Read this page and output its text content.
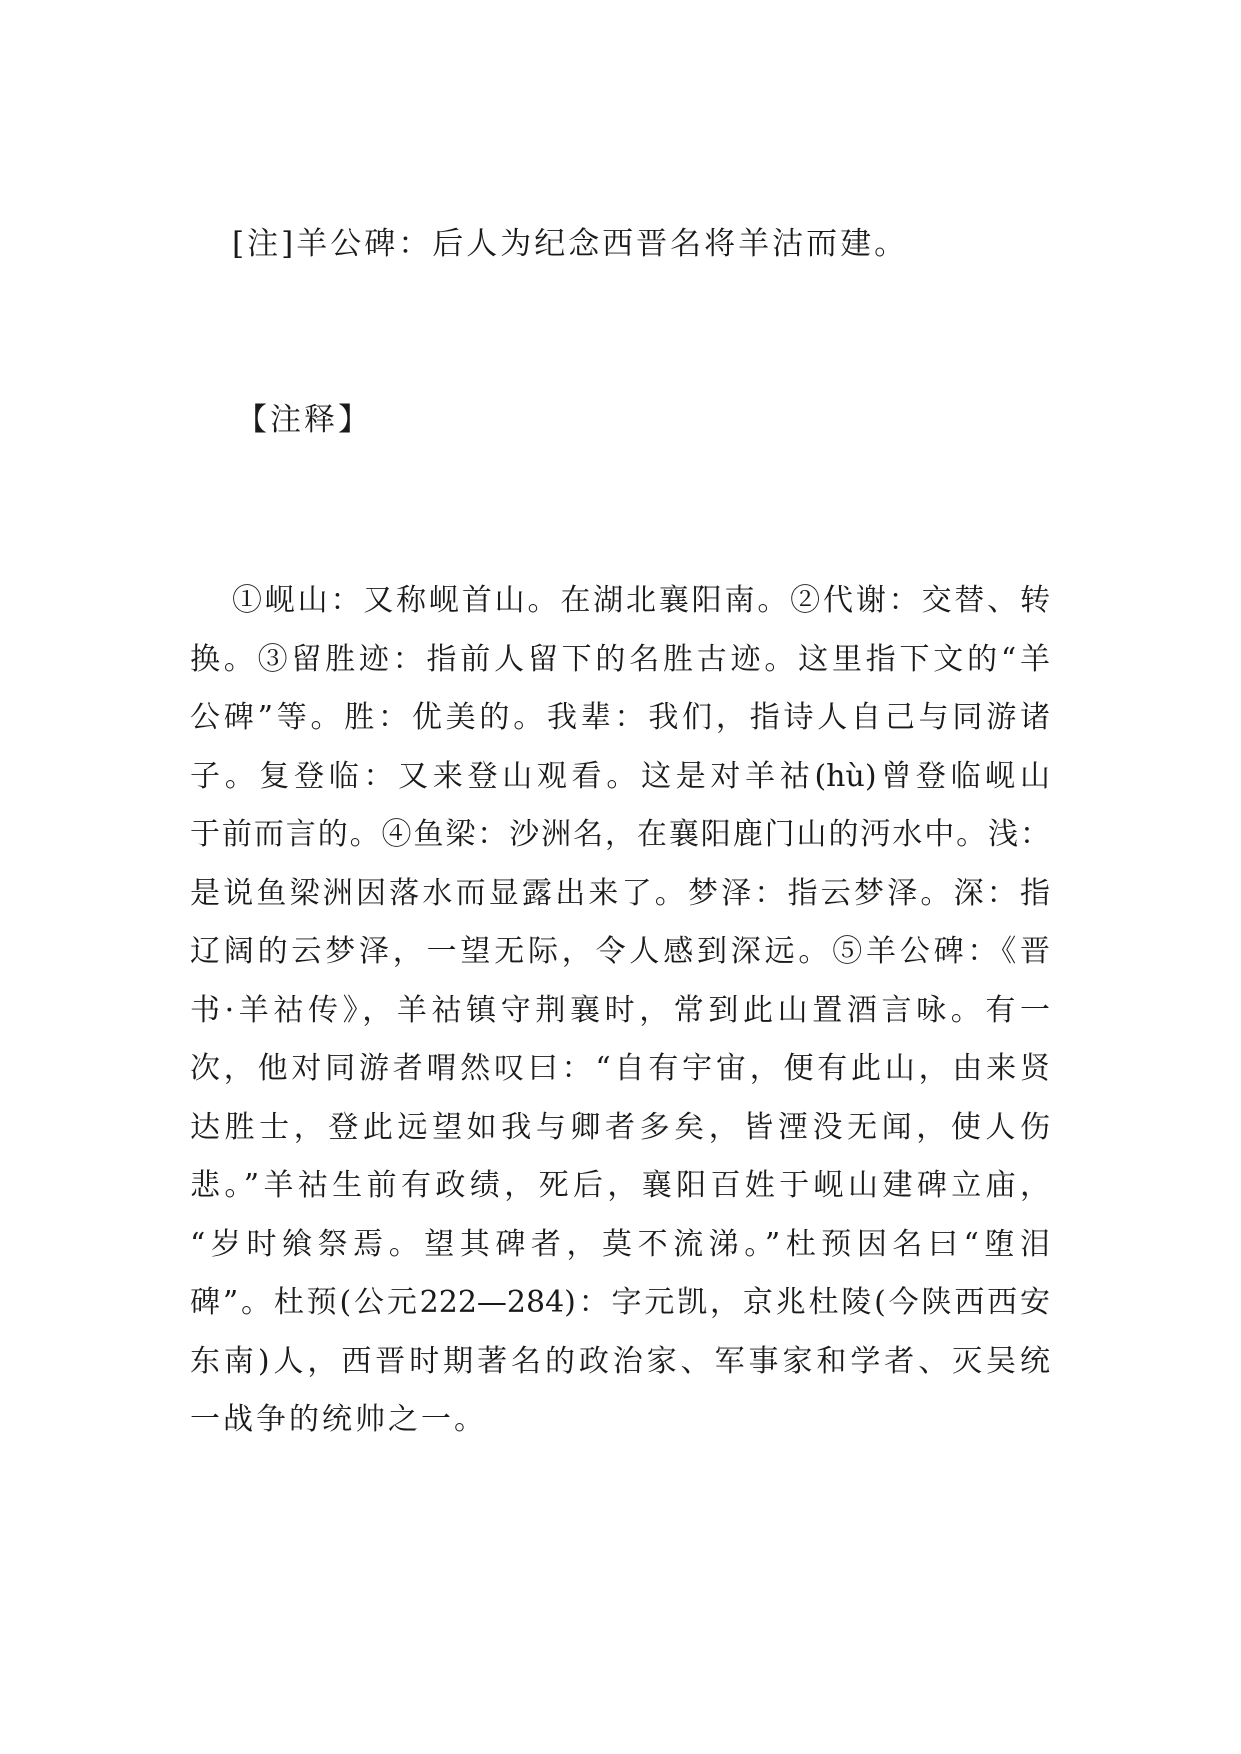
[注]羊公碑：后人为纪念西晋名将羊沽而建。
【注释】
①岘山：又称岘首山。在湖北襄阳南。②代谢：交替、转
换。③留胜迹：指前人留下的名胜古迹。这里指下文的“羊
公碑”等。胜：优美的。我辈：我们，指诗人自己与同游诸
子。复登临：又来登山观看。这是对羊祜(hù)曾登临岘山
于前而言的。④鱼梁：沙洲名，在襄阳鹿门山的沔水中。浅：
是说鱼梁洲因落水而显露出来了。梦泽：指云梦泽。深：指
辽阔的云梦泽，一望无际，令人感到深远。⑤羊公碑：《晋
书·羊祜传》，羊祜镇守荆襄时，常到此山置酒言咏。有一
次，他对同游者喟然叹曰：“自有宇宙，便有此山，由来贤
达胜士，登此远望如我与卿者多矣，皆湮没无闻，使人伤
悲。”羊祜生前有政绩，死后，襄阳百姓于岘山建碑立庙，
“岁时飨祭焉。望其碑者，莫不流涕。”杜预因名曰“堕泪
碑”。杜预(公元222—284)：字元凯，京兆杜陵(今陕西西安
东南)人，西晋时期著名的政治家、军事家和学者、灭吴统
一战争的统帅之一。
